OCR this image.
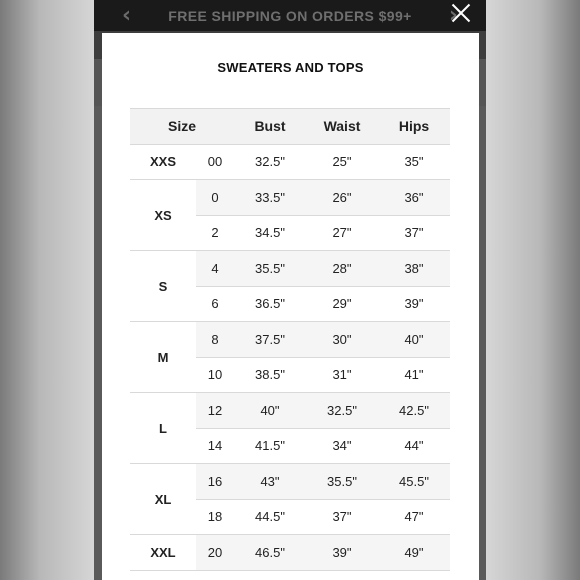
‹	FREE SHIPPING ON ORDERS $99+ ›
SWEATERS AND TOPS
Size		Bust	Waist	Hips
XXS	00	32.5"	25"	35"
XS	0	33.5"	26"	36"
	2	34.5"	27"	37"
S	4	35.5"	28"	38"
	6	36.5"	29"	39"
M	8	37.5"	30"	40"
	10	38.5"	31"	41"
L	12	40"	32.5"	42.5"
	14	41.5"	34"	44"
XL	16	43"	35.5"	45.5"
	18	44.5"	37"	47"
XXL	20	46.5"	39"	49"
